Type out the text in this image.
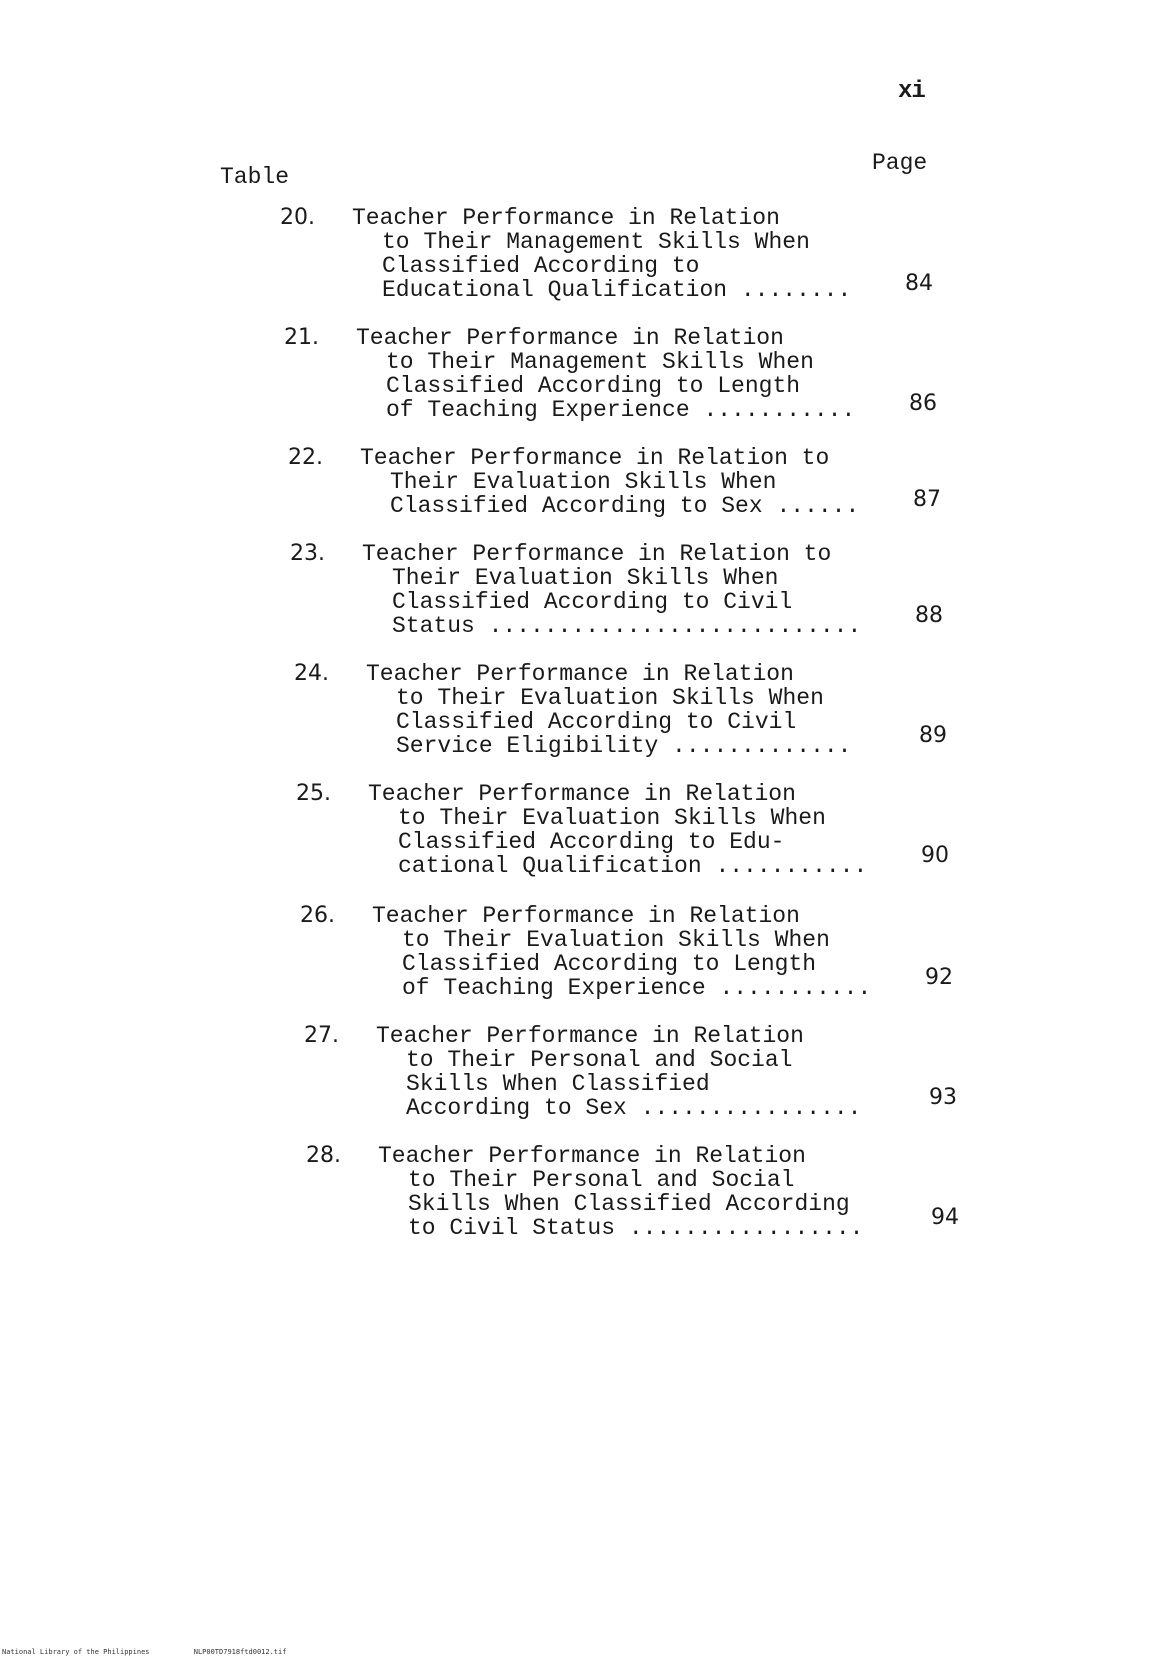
xi
Table
Page
20.	Teacher Performance in Relation
to Their Management Skills When
Classified According to
Educational Qualification ........	84
21.	Teacher Performance in Relation
to Their Management Skills When
Classified According to Length
of Teaching Experience ...........	86
22.	Teacher Performance in Relation to
Their Evaluation Skills When
Classified According to Sex ......	87
23.	Teacher Performance in Relation to
Their Evaluation Skills When
Classified According to Civil
Status ...........................	88
24.	Teacher Performance in Relation
to Their Evaluation Skills When
Classified According to Civil
Service Eligibility .............	89
25.	Teacher Performance in Relation
to Their Evaluation Skills When
Classified According to Edu-
cational Qualification ...........	90
26.	Teacher Performance in Relation
to Their Evaluation Skills When
Classified According to Length
of Teaching Experience ...........	92
27.	Teacher Performance in Relation
to Their Personal and Social
Skills When Classified
According to Sex ................	93
28.	Teacher Performance in Relation
to Their Personal and Social
Skills When Classified According
to Civil Status .................	94
National Library of the Philippines	NLP00TD7918ftd0012.tif
